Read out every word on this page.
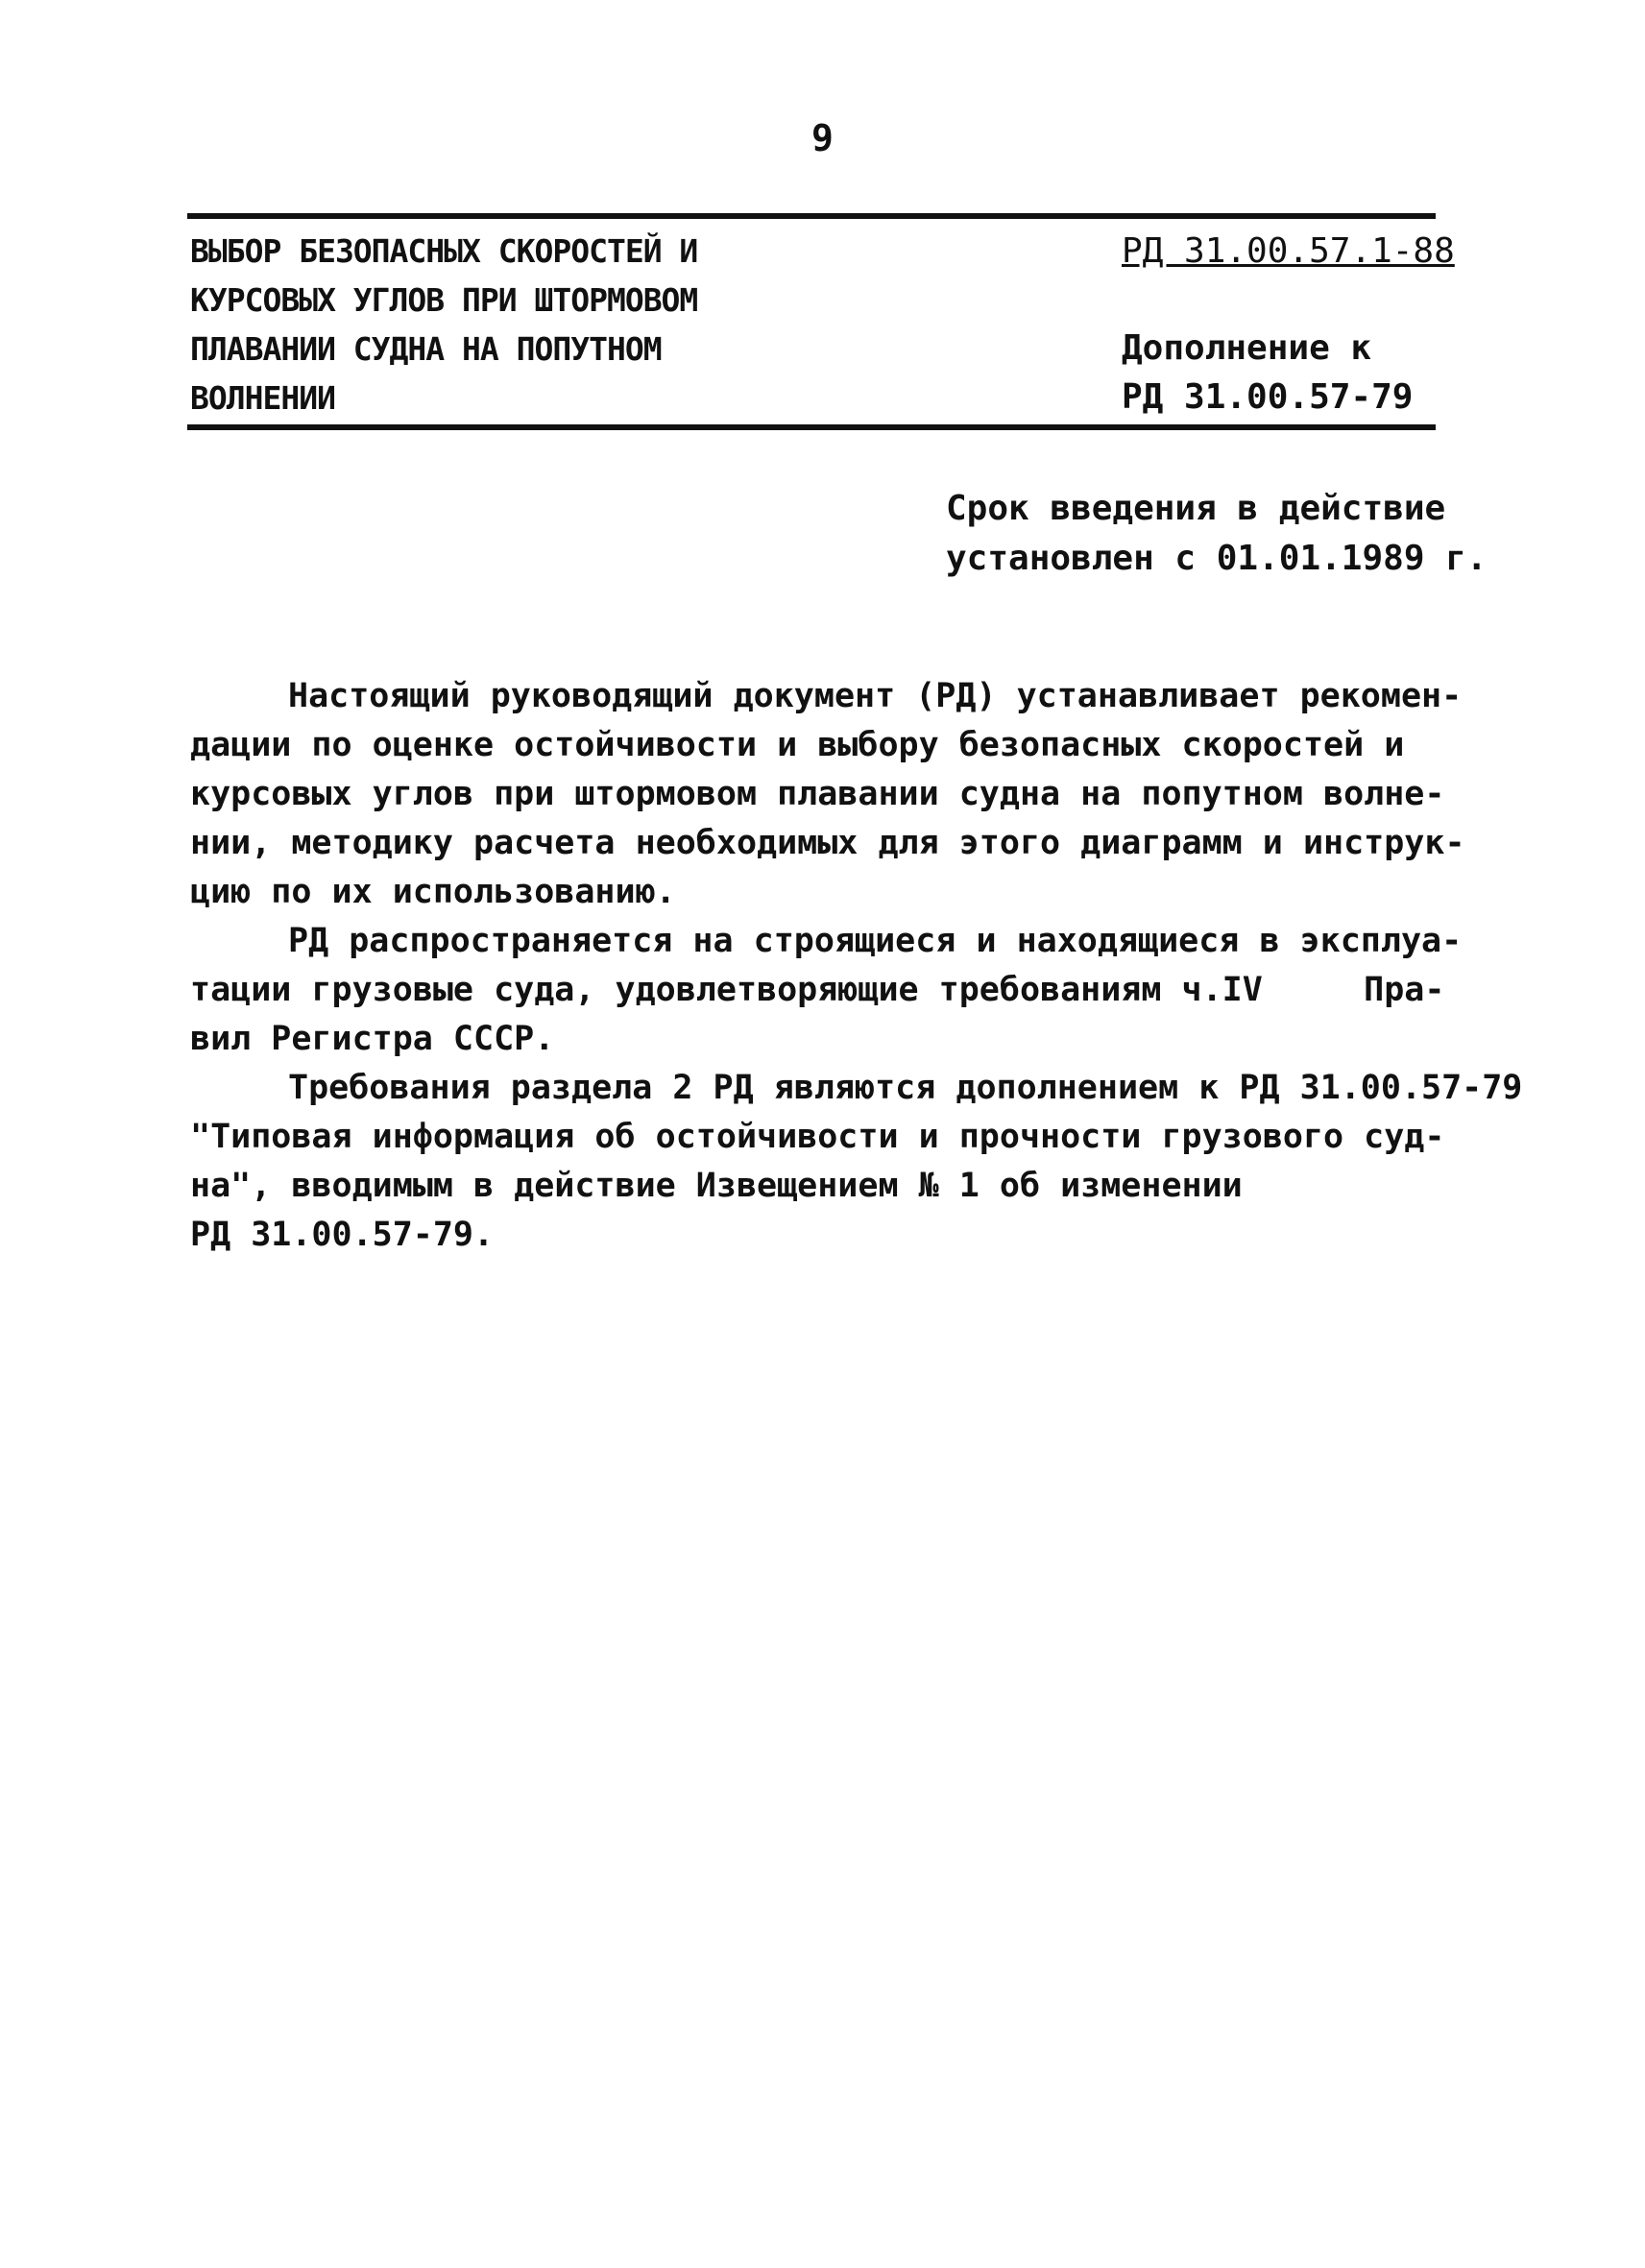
9
ВЫБОР БЕЗОПАСНЫХ СКОРОСТЕЙ И
КУРСОВЫХ УГЛОВ ПРИ ШТОРМОВОМ
ПЛАВАНИИ СУДНА НА ПОПУТНОМ
ВОЛНЕНИИ
РД 31.00.57.1-88
Дополнение к
РД 31.00.57-79
Срок введения в действие
установлен с 01.01.1989 г.
Настоящий руководящий документ (РД) устанавливает рекомен-
дации по оценке остойчивости и выбору безопасных скоростей и
курсовых углов при штормовом плавании судна на попутном волне-
нии, методику расчета необходимых для этого диаграмм и инструк-
цию по их использованию.
РД распространяется на строящиеся и находящиеся в эксплуа-
тации грузовые суда, удовлетворяющие требованиям ч.IV     Пра-
вил Регистра СССР.
Требования раздела 2 РД являются дополнением к РД 31.00.57-79
"Типовая информация об остойчивости и прочности грузового суд-
на", вводимым в действие Извещением № 1 об изменении
РД 31.00.57-79.
